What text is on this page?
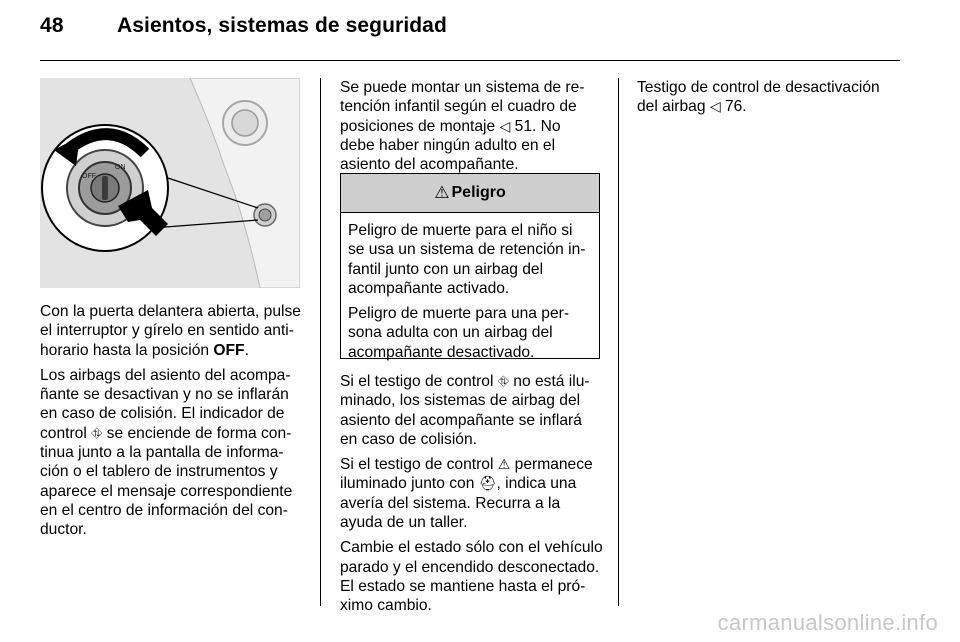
48	Asientos, sistemas de seguridad
ON
OFF

Con la puerta delantera abierta, pulse
el interruptor y gírelo en sentido anti-
horario hasta la posición OFF.

Los airbags del asiento del acompa-
ñante se desactivan y no se inflarán
en caso de colisión. El indicador de
control ⛗ se enciende de forma con-
tinua junto a la pantalla de informa-
ción o el tablero de instrumentos y
aparece el mensaje correspondiente
en el centro de información del con-
ductor.

Se puede montar un sistema de re-
tención infantil según el cuadro de
posiciones de montaje ◁ 51. No
debe haber ningún adulto en el
asiento del acompañante.

⚠ Peligro

Peligro de muerte para el niño si
se usa un sistema de retención in-
fantil junto con un airbag del
acompañante activado.

Peligro de muerte para una per-
sona adulta con un airbag del
acompañante desactivado.

Si el testigo de control ⛗ no está ilu-
minado, los sistemas de airbag del
asiento del acompañante se inflará
en caso de colisión.

Si el testigo de control ⚠ permanece
iluminado junto con ⛑, indica una
avería del sistema. Recurra a la
ayuda de un taller.

Cambie el estado sólo con el vehículo
parado y el encendido desconectado.
El estado se mantiene hasta el pró-
ximo cambio.

Testigo de control de desactivación
del airbag ◁ 76.

carmanualsonline.info
